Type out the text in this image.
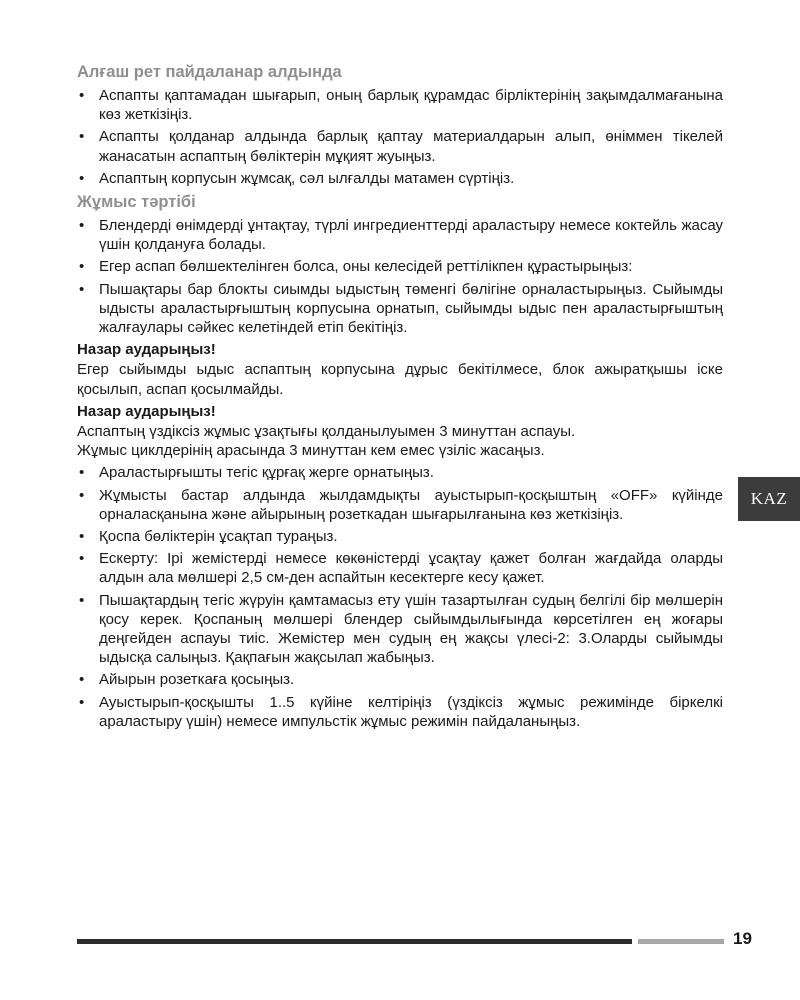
Алғаш рет пайдаланар алдында
• Аспапты қаптамадан шығарып, оның барлық құрамдас бірліктерінің зақымдалмағанына көз жеткізіңіз.
• Аспапты қолданар алдында барлық қаптау материалдарын алып, өніммен тікелей жанасатын аспаптың бөліктерін мұқият жуыңыз.
• Аспаптың корпусын жұмсақ, сәл ылғалды матамен сүртіңіз.
Жұмыс тәртібі
• Блендерді өнімдерді ұнтақтау, түрлі ингредиенттерді араластыру немесе коктейль жасау үшін қолдануға болады.
• Егер аспап бөлшектелінген болса, оны келесідей реттілікпен құрастырыңыз:
• Пышақтары бар блокты сиымды ыдыстың төменгі бөлігіне орналастырыңыз. Сыйымды ыдысты араластырғыштың корпусына орнатып, сыйымды ыдыс пен араластырғыштың жалғаулары сәйкес келетіндей етіп бекітіңіз.
Назар аударыңыз!

Егер сыйымды ыдыс аспаптың корпусына дұрыс бекітілмесе, блок ажыратқышы іске қосылып, аспап қосылмайды.

Назар аударыңыз!

Аспаптың үздіксіз жұмыс ұзақтығы қолданылуымен 3 минуттан аспауы.

Жұмыс циклдерінің арасында 3 минуттан кем емес үзіліс жасаңыз.

• Араластырғышты тегіс құрғақ жерге орнатыңыз.
• Жұмысты бастар алдында жылдамдықты ауыстырып-қосқыштың «OFF» күйінде орналасқанына және айырының розеткадан шығарылғанына көз жеткізіңіз.
• Қоспа бөліктерін ұсақтап тураңыз.
• Ескерту: Ірі жемістерді немесе көкөністерді ұсақтау қажет болған жағдайда оларды алдын ала мөлшері 2,5 см-ден аспайтын кесектерге кесу қажет.
• Пышақтардың тегіс жүруін қамтамасыз ету үшін тазартылған судың белгілі бір мөлшерін қосу керек. Қоспаның мөлшері блендер сыйымдылығында көрсетілген ең жоғары деңгейден аспауы тиіс. Жемістер мен судың ең жақсы үлесі-2: 3.Оларды сыйымды ыдысқа салыңыз. Қақпағын жақсылап жабыңыз.
• Айырын розеткаға қосыңыз.
• Ауыстырып-қосқышты 1..5 күйіне келтіріңіз (үздіксіз жұмыс режимінде біркелкі араластыру үшін) немесе импульстік жұмыс режимін пайдаланыңыз.
KAZ
19
